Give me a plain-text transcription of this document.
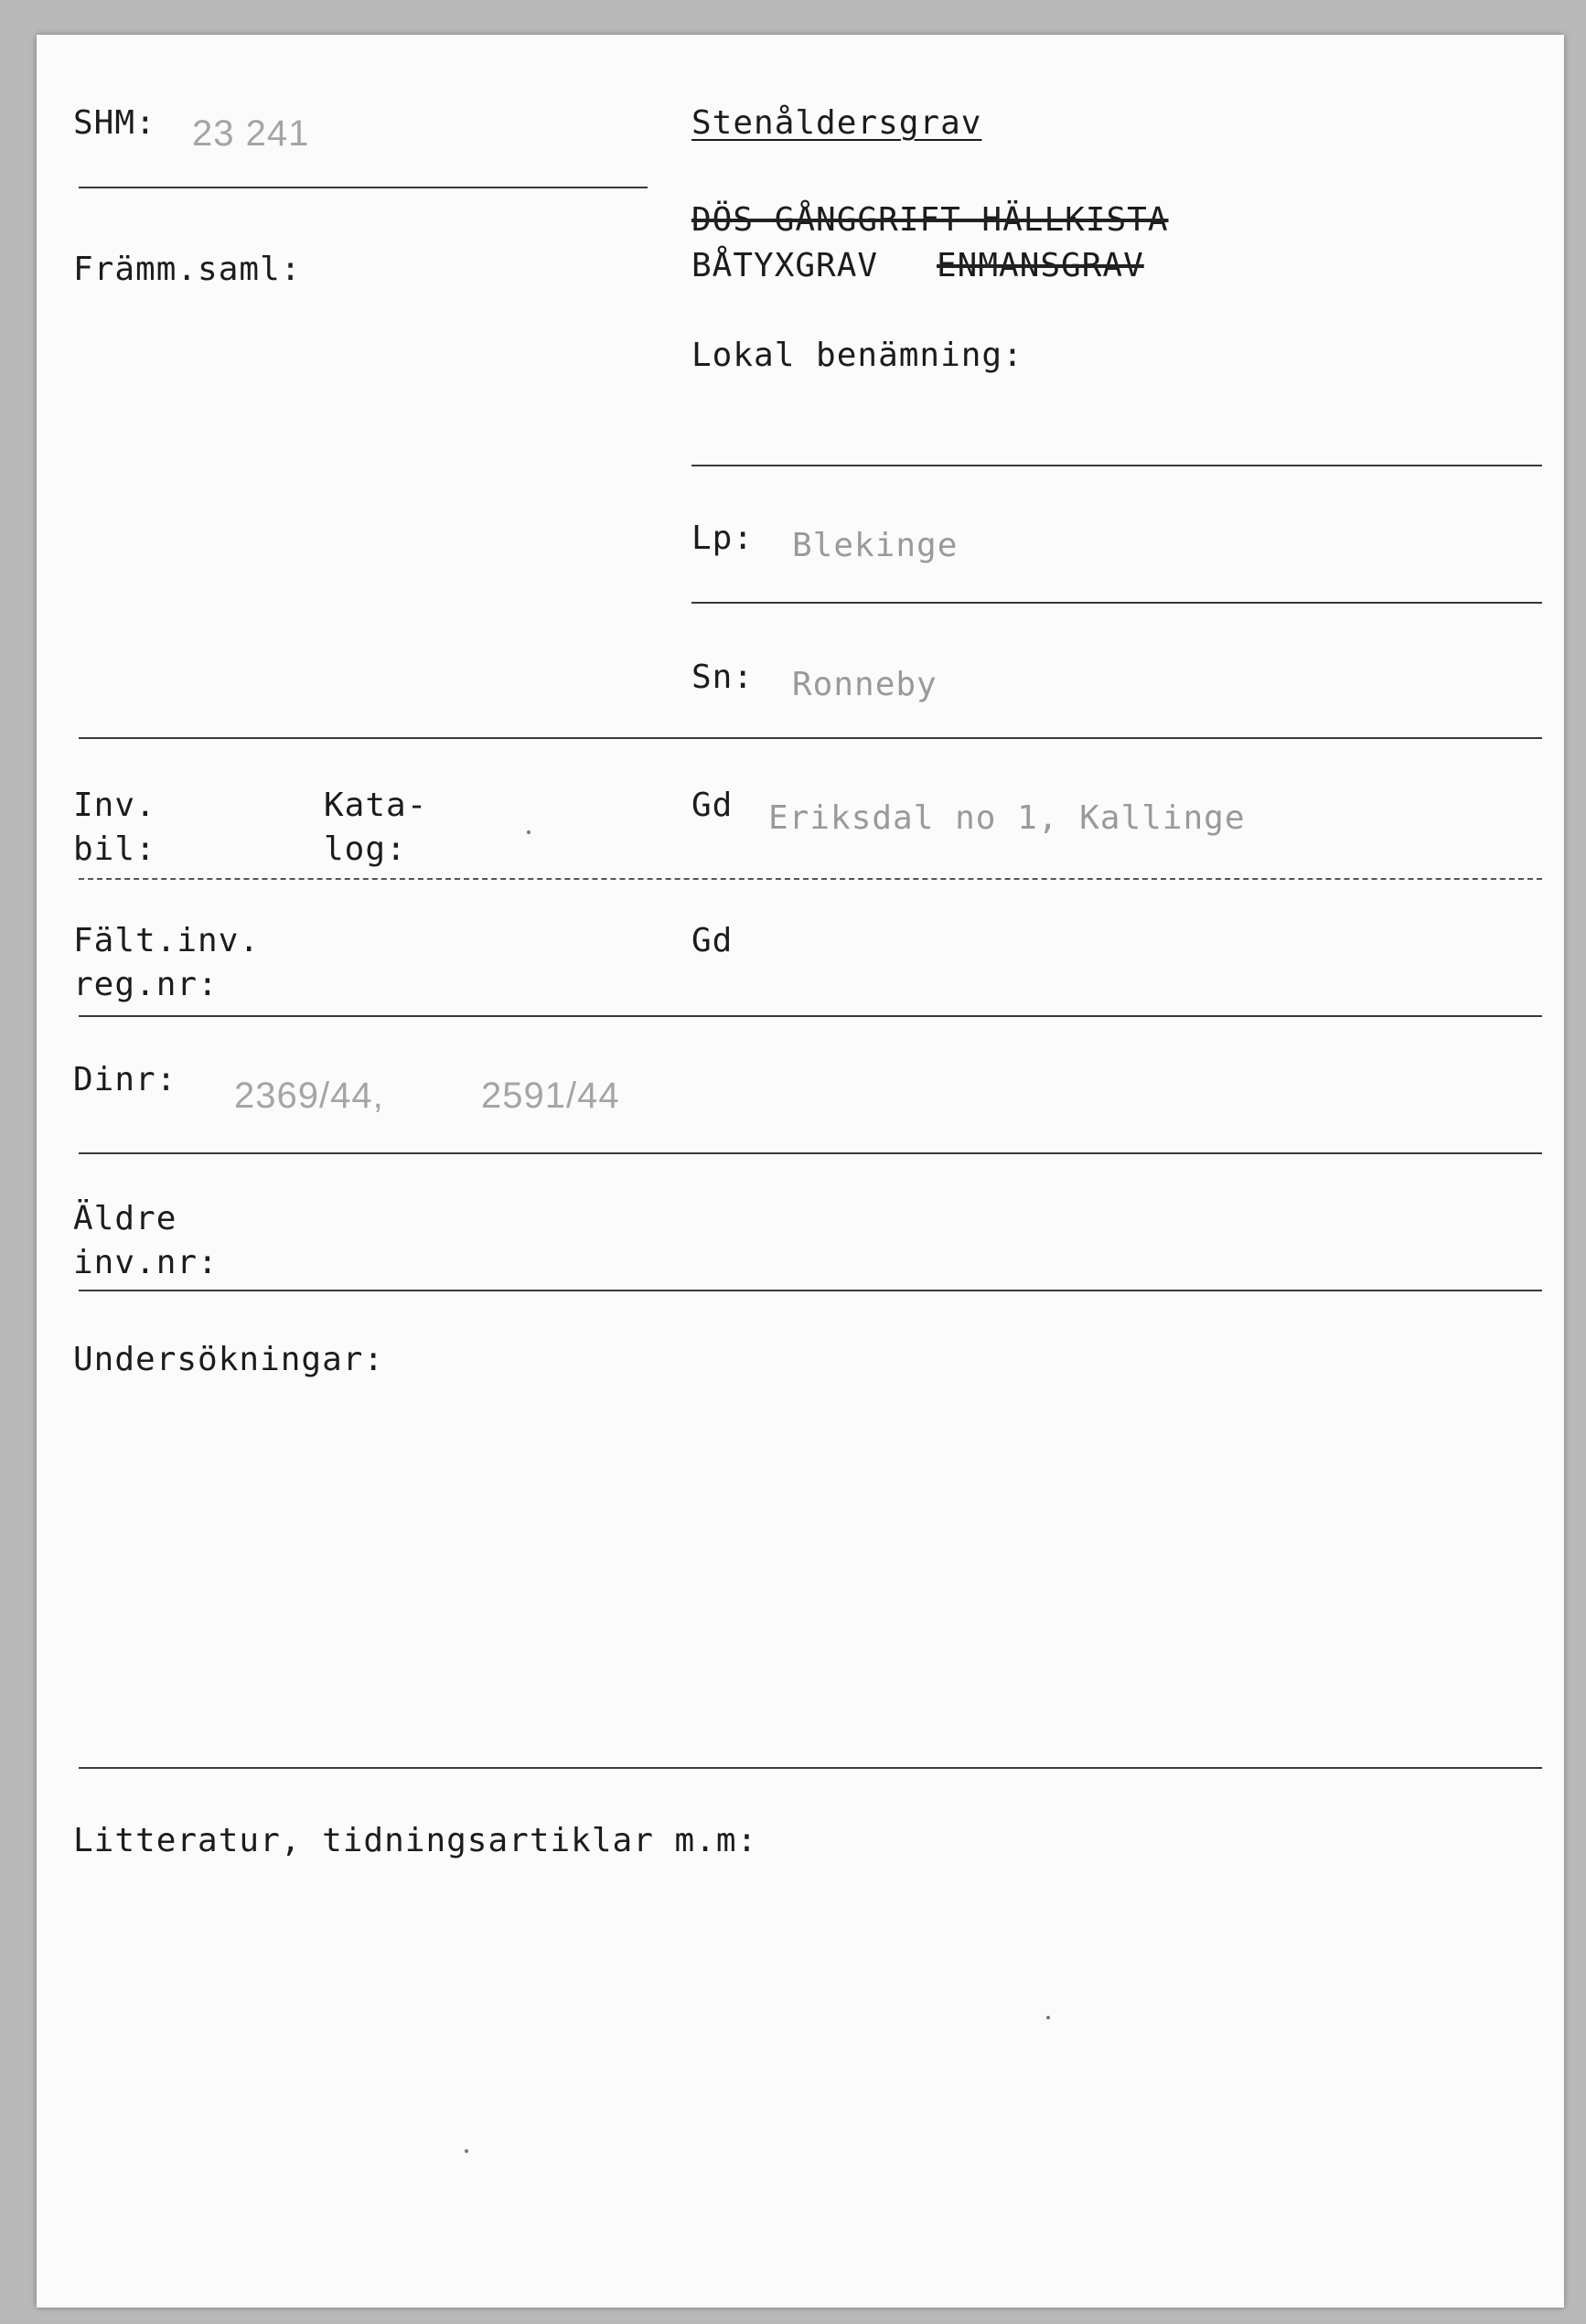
SHM: 23 241	Stenåldersgrav
DÖS GÅNGGRIFT HÄLLKISTA
BÅTYXGRAV ENMANSGRAV
Främm.saml:
Lokal benämning:
Lp: Blekinge
Sn: Ronneby
Inv.
bil:
Kata-
log:
Gd Eriksdal no 1, Kallinge
Fält.inv.
reg.nr:
Gd
Dinr: 2369/44,	2591/44
Äldre
inv.nr:
Undersökningar:
Litteratur, tidningsartiklar m.m:
